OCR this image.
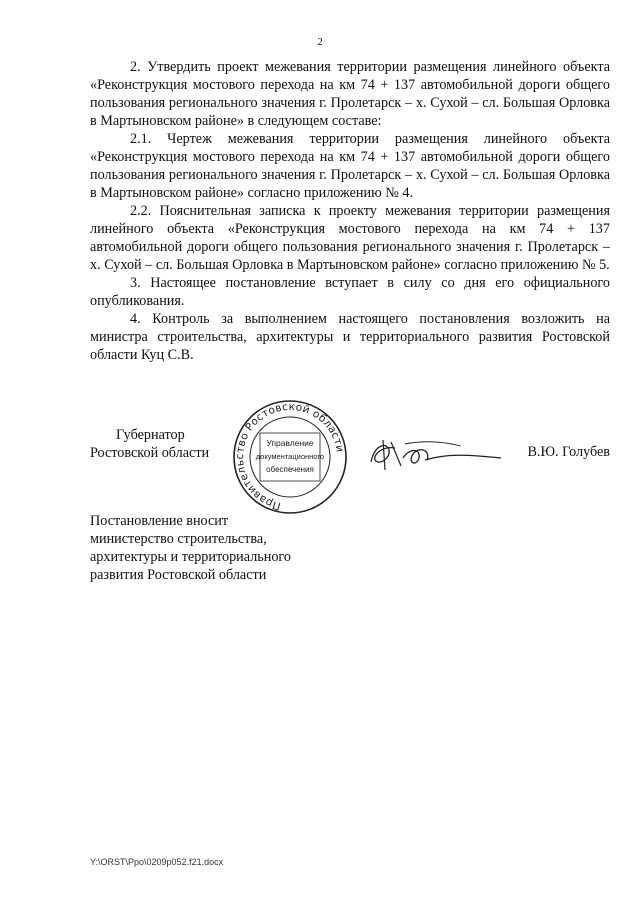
2

2. Утвердить проект межевания территории размещения линейного объекта «Реконструкция мостового перехода на км 74 + 137 автомобильной дороги общего пользования регионального значения г. Пролетарск – х. Сухой – сл. Большая Орловка в Мартыновском районе» в следующем составе:

2.1. Чертеж межевания территории размещения линейного объекта «Реконструкция мостового перехода на км 74 + 137 автомобильной дороги общего пользования регионального значения г. Пролетарск – х. Сухой – сл. Большая Орловка в Мартыновском районе» согласно приложению № 4.

2.2. Пояснительная записка к проекту межевания территории размещения линейного объекта «Реконструкция мостового перехода на км 74 + 137 автомобильной дороги общего пользования регионального значения г. Пролетарск – х. Сухой – сл. Большая Орловка в Мартыновском районе» согласно приложению № 5.

3. Настоящее постановление вступает в силу со дня его официального опубликования.

4. Контроль за выполнением настоящего постановления возложить на министра строительства, архитектуры и территориального развития Ростовской области Куц С.В.

Губернатор
Ростовской области
Правительство Ростовской области
Управление
документационного
обеспечения
В.Ю. Голубев
Постановление вносит
министерство строительства,
архитектуры и территориального
развития Ростовской области
Y:\ORST\Ppo\0209p052.f21.docx
